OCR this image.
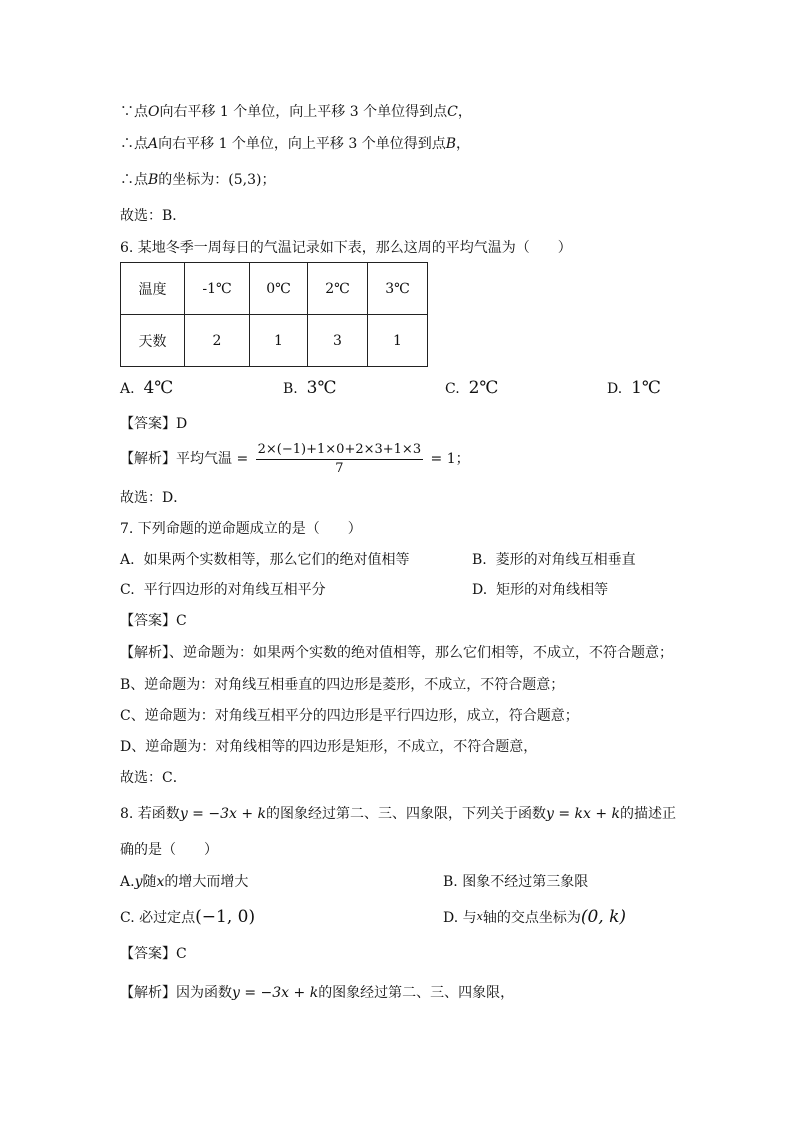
∵点O向右平移 1 个单位，向上平移 3 个单位得到点C，
∴点A向右平移 1 个单位，向上平移 3 个单位得到点B，
∴点B的坐标为：(5,3)；
故选：B．
6. 某地冬季一周每日的气温记录如下表，那么这周的平均气温为（　　）
温度	-1℃	0℃	2℃	3℃
天数	2	1	3	1
A. 4℃	B. 3℃	C. 2℃	D. 1℃
【答案】D
【解析】平均气温 = $\frac{2\times(-1)+1\times 0+2\times 3+1\times 3}{7} = 1$；
故选：D．
7. 下列命题的逆命题成立的是（　　）
A. 如果两个实数相等，那么它们的绝对值相等	B. 菱形的对角线互相垂直
C. 平行四边形的对角线互相平分	D. 矩形的对角线相等
【答案】C
【解析】、逆命题为：如果两个实数的绝对值相等，那么它们相等，不成立，不符合题意；
B、逆命题为：对角线互相垂直的四边形是菱形，不成立，不符合题意；
C、逆命题为：对角线互相平分的四边形是平行四边形，成立，符合题意；
D、逆命题为：对角线相等的四边形是矩形，不成立，不符合题意，
故选：C．
8. 若函数y = −3x + k的图象经过第二、三、四象限，下列关于函数y = kx + k的描述正
确的是（　　）
A.y随x的增大而增大	B. 图象不经过第三象限
C. 必过定点(−1, 0)	D. 与$^x$轴的交点坐标为(0, k)
【答案】C
【解析】因为函数y = −3x + k的图象经过第二、三、四象限，
